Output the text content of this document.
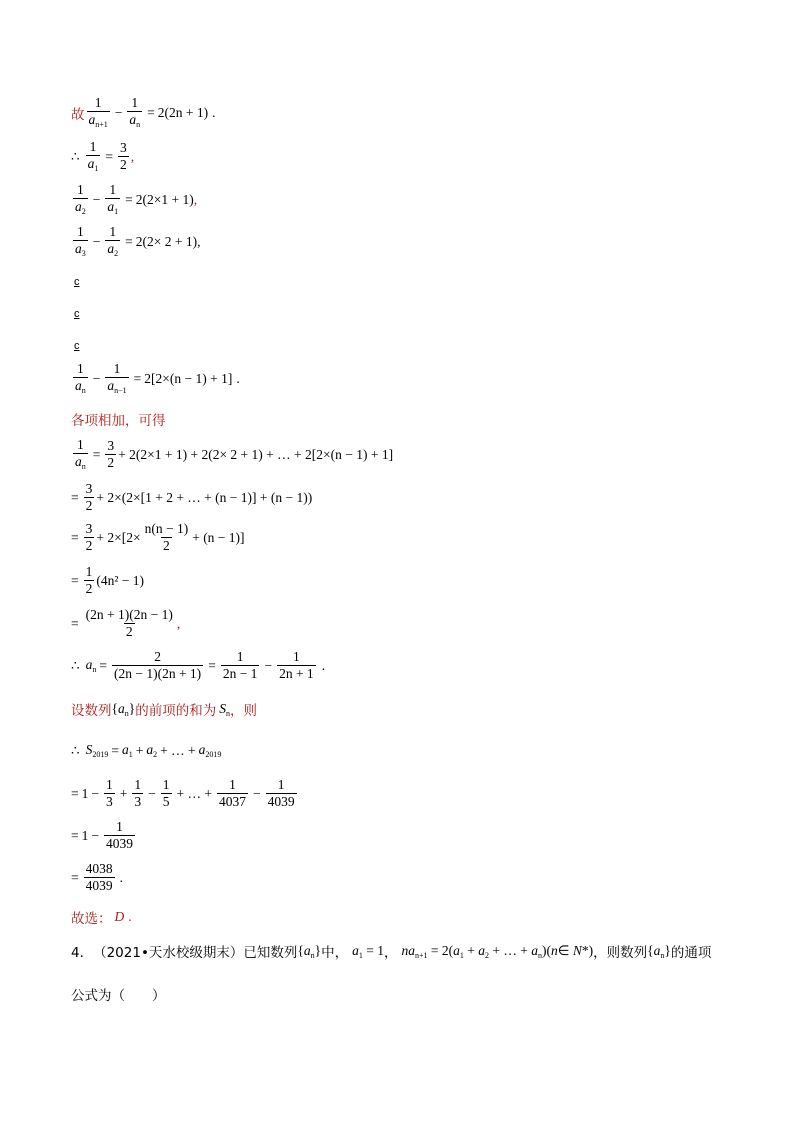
故 $\frac{1}{a_{n+1}} - \frac{1}{a_n} = 2(2n + 1)$ .
∴ $\frac{1}{a_1} = \frac{3}{2}$ ,
$\frac{1}{a_2} - \frac{1}{a_1} = 2(2\times 1 + 1)$ ,
$\frac{1}{a_3} - \frac{1}{a_2} = 2(2\times 2 + 1)$ ,
c
c
c
$\frac{1}{a_n} - \frac{1}{a_{n-1}} = 2[2\times(n - 1) + 1]$ .
各项相加，可得
$\frac{1}{a_n} = \frac{3}{2} + 2(2\times 1 + 1) + 2(2\times 2 + 1)$ + … + 2[2×(n − 1) + 1]
= $\frac{3}{2} + 2\times(2\times[1 + 2$ + … + (n − 1)] + (n − 1))
= $\frac{3}{2} + 2\times[2\times \frac{n(n - 1)}{2} + (n - 1)]$
= $\frac{1}{2} (4n^2 - 1)$
= $\frac{(2n + 1)(2n - 1)}{2}$ ,
∴ $a_n = \frac{2}{(2n - 1)(2n + 1)} = \frac{1}{2n - 1} - \frac{1}{2n + 1}$ .
设数列 $\{a_n\}$ 的前项的和为 $S_n$ ，则
∴ $S_{2019} = a_1 + a_2$ + … + $a_{2019}$
= $1 - \frac{1}{3} + \frac{1}{3} - \frac{1}{5}$ + … + $\frac{1}{4037} - \frac{1}{4039}$
= $1 - \frac{1}{4039}$
= $\frac{4038}{4039}$ .
故选： D .
4． （2021•天水校级期末） 已知数列 $\{a_n\}$ 中， $a_1 = 1$ ， $na_{n+1} = 2(a_1 + a_2$ + … + $a_n)(n\in$ N*) ，则数列 $\{a_n\}$ 的通项
公式为（　　）
